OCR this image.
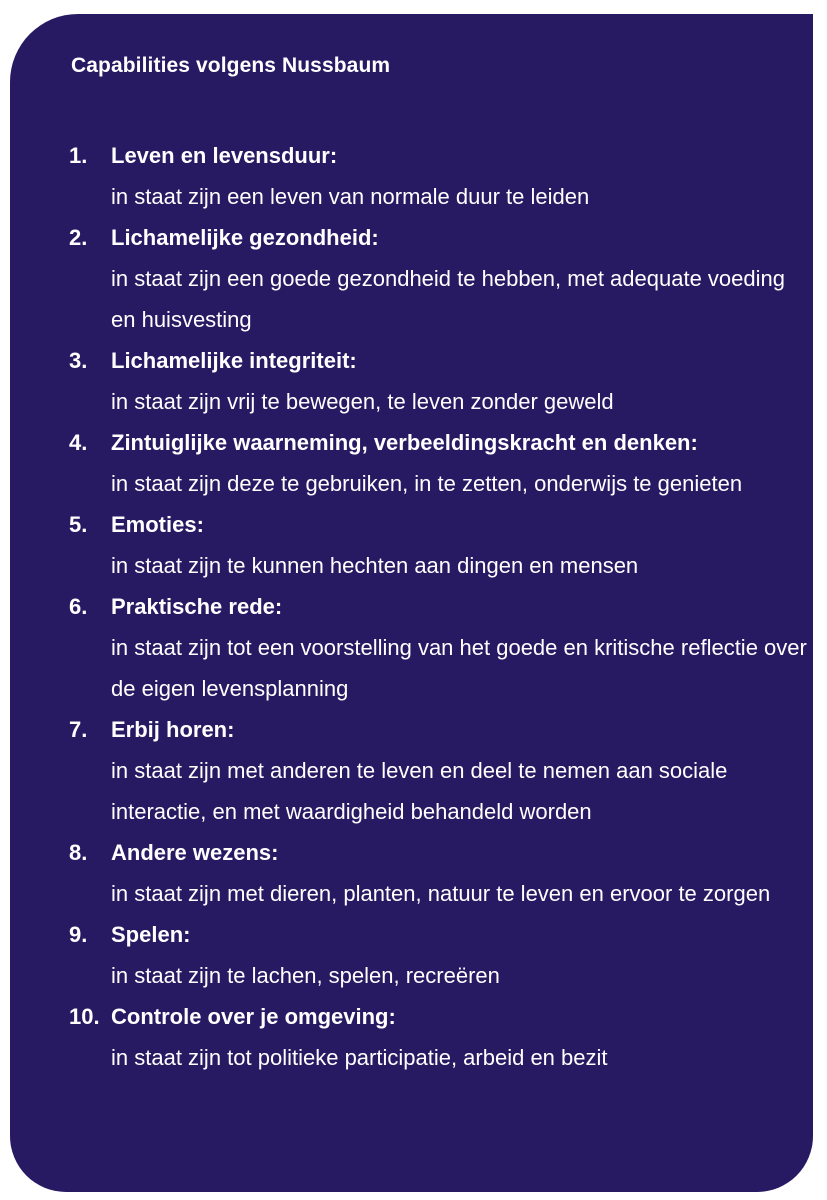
Capabilities volgens Nussbaum
1. Leven en levensduur:
in staat zijn een leven van normale duur te leiden
2. Lichamelijke gezondheid:
in staat zijn een goede gezondheid te hebben, met adequate voeding en huisvesting
3. Lichamelijke integriteit:
in staat zijn vrij te bewegen, te leven zonder geweld
4. Zintuiglijke waarneming, verbeeldingskracht en denken:
in staat zijn deze te gebruiken, in te zetten, onderwijs te genieten
5. Emoties:
in staat zijn te kunnen hechten aan dingen en mensen
6. Praktische rede:
in staat zijn tot een voorstelling van het goede en kritische reflectie over de eigen levensplanning
7. Erbij horen:
in staat zijn met anderen te leven en deel te nemen aan sociale interactie, en met waardigheid behandeld worden
8. Andere wezens:
in staat zijn met dieren, planten, natuur te leven en ervoor te zorgen
9. Spelen:
in staat zijn te lachen, spelen, recreëren
10. Controle over je omgeving:
in staat zijn tot politieke participatie, arbeid en bezit
